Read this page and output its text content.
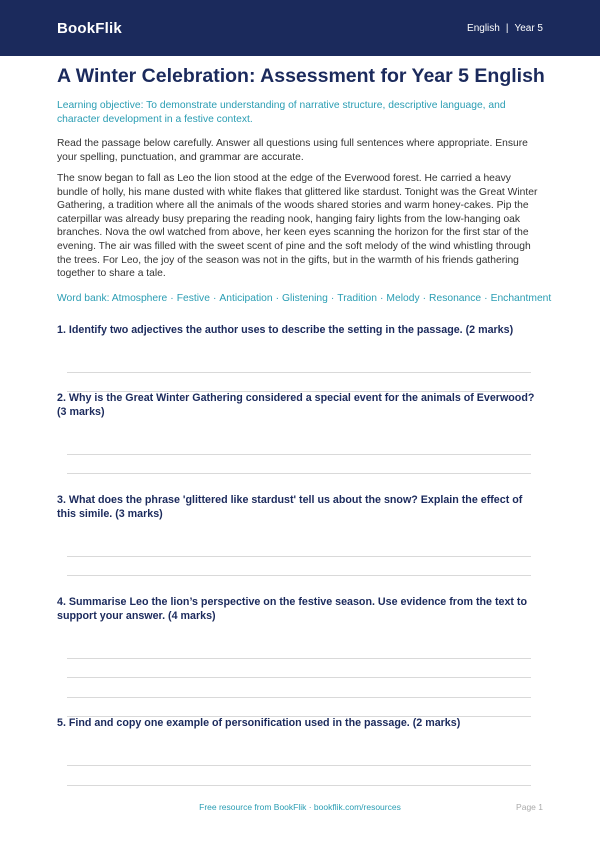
BookFlik	English | Year 5
A Winter Celebration: Assessment for Year 5 English

Learning objective: To demonstrate understanding of narrative structure, descriptive language, and character development in a festive context.

Read the passage below carefully. Answer all questions using full sentences where appropriate. Ensure your spelling, punctuation, and grammar are accurate.

The snow began to fall as Leo the lion stood at the edge of the Everwood forest. He carried a heavy bundle of holly, his mane dusted with white flakes that glittered like stardust. Tonight was the Great Winter Gathering, a tradition where all the animals of the woods shared stories and warm honey-cakes. Pip the caterpillar was already busy preparing the reading nook, hanging fairy lights from the low-hanging oak branches. Nova the owl watched from above, her keen eyes scanning the horizon for the first star of the evening. The air was filled with the sweet scent of pine and the soft melody of the wind whistling through the trees. For Leo, the joy of the season was not in the gifts, but in the warmth of his friends gathering together to share a tale.

Word bank: Atmosphere · Festive · Anticipation · Glistening · Tradition · Melody · Resonance · Enchantment

1. Identify two adjectives the author uses to describe the setting in the passage. (2 marks)

2. Why is the Great Winter Gathering considered a special event for the animals of Everwood? (3 marks)

3. What does the phrase 'glittered like stardust' tell us about the snow? Explain the effect of this simile. (3 marks)

4. Summarise Leo the lion’s perspective on the festive season. Use evidence from the text to support your answer. (4 marks)

5. Find and copy one example of personification used in the passage. (2 marks)

Free resource from BookFlik · bookflik.com/resources	Page 1
